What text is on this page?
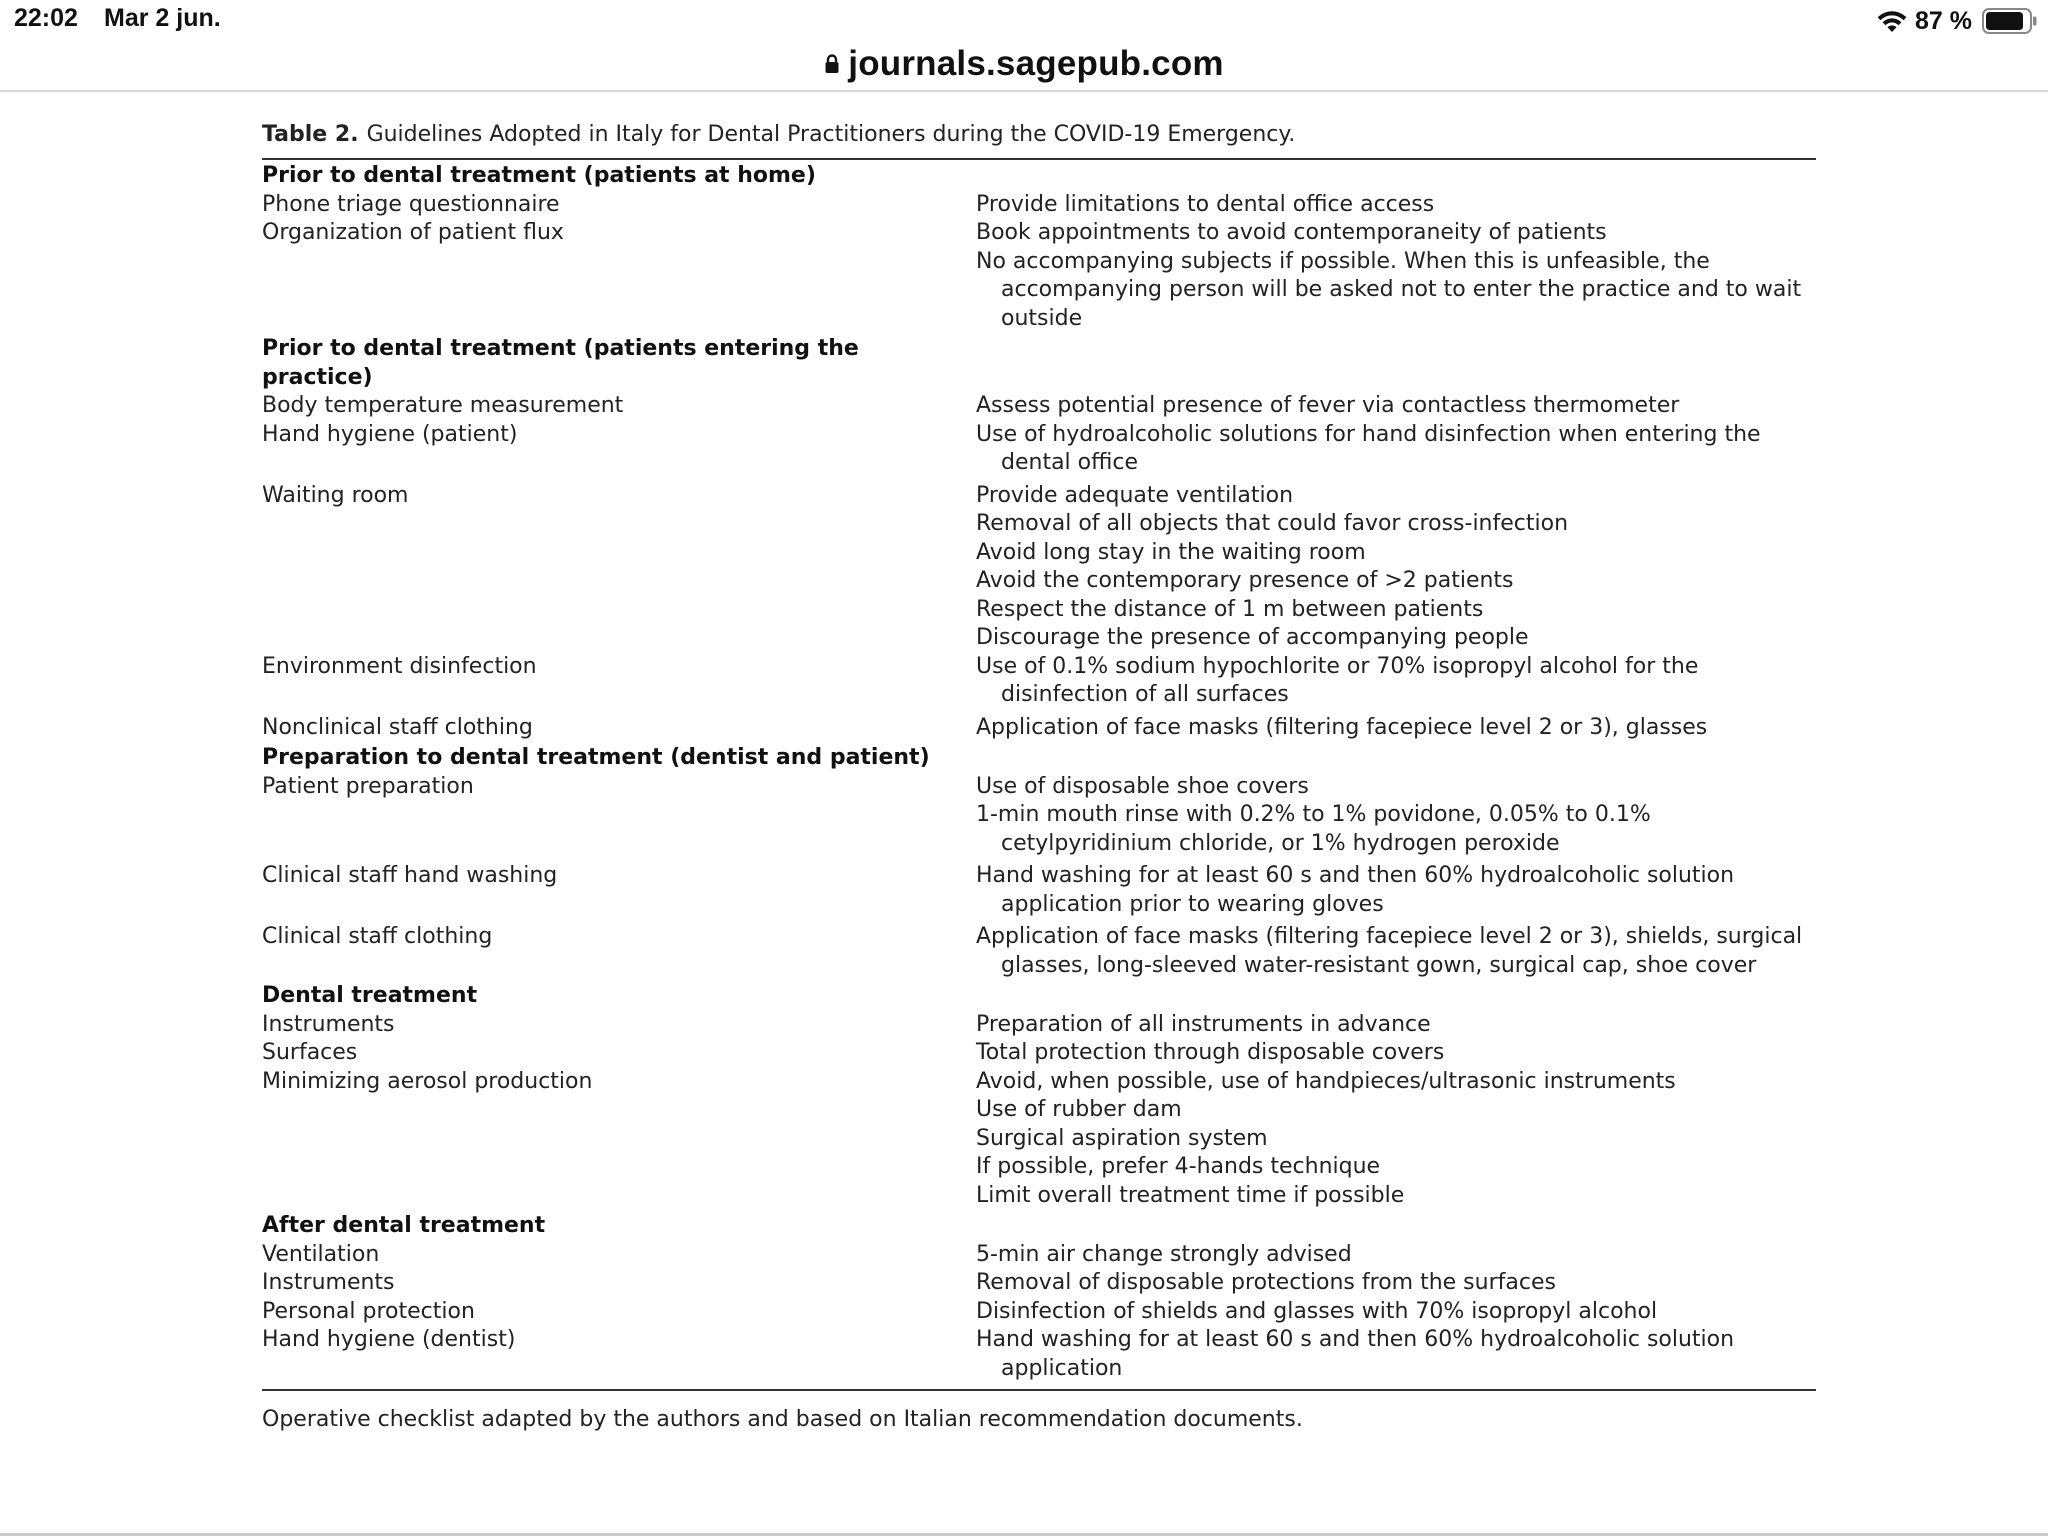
22:02 Mar 2 jun.	87 %
journals.sagepub.com
Table 2. Guidelines Adopted in Italy for Dental Practitioners during the COVID-19 Emergency.
Prior to dental treatment (patients at home)
Phone triage questionnaire	Provide limitations to dental office access
Organization of patient flux	Book appointments to avoid contemporaneity of patients
No accompanying subjects if possible. When this is unfeasible, the accompanying person will be asked not to enter the practice and to wait outside
Prior to dental treatment (patients entering the practice)
Body temperature measurement	Assess potential presence of fever via contactless thermometer
Hand hygiene (patient)	Use of hydroalcoholic solutions for hand disinfection when entering the dental office
Waiting room	Provide adequate ventilation
Removal of all objects that could favor cross-infection
Avoid long stay in the waiting room
Avoid the contemporary presence of >2 patients
Respect the distance of 1 m between patients
Discourage the presence of accompanying people
Environment disinfection	Use of 0.1% sodium hypochlorite or 70% isopropyl alcohol for the disinfection of all surfaces
Nonclinical staff clothing	Application of face masks (filtering facepiece level 2 or 3), glasses
Preparation to dental treatment (dentist and patient)
Patient preparation	Use of disposable shoe covers
1-min mouth rinse with 0.2% to 1% povidone, 0.05% to 0.1% cetylpyridinium chloride, or 1% hydrogen peroxide
Clinical staff hand washing	Hand washing for at least 60 s and then 60% hydroalcoholic solution application prior to wearing gloves
Clinical staff clothing	Application of face masks (filtering facepiece level 2 or 3), shields, surgical glasses, long-sleeved water-resistant gown, surgical cap, shoe cover
Dental treatment
Instruments	Preparation of all instruments in advance
Surfaces	Total protection through disposable covers
Minimizing aerosol production	Avoid, when possible, use of handpieces/ultrasonic instruments
Use of rubber dam
Surgical aspiration system
If possible, prefer 4-hands technique
Limit overall treatment time if possible
After dental treatment
Ventilation	5-min air change strongly advised
Instruments	Removal of disposable protections from the surfaces
Personal protection	Disinfection of shields and glasses with 70% isopropyl alcohol
Hand hygiene (dentist)	Hand washing for at least 60 s and then 60% hydroalcoholic solution application
Operative checklist adapted by the authors and based on Italian recommendation documents.
